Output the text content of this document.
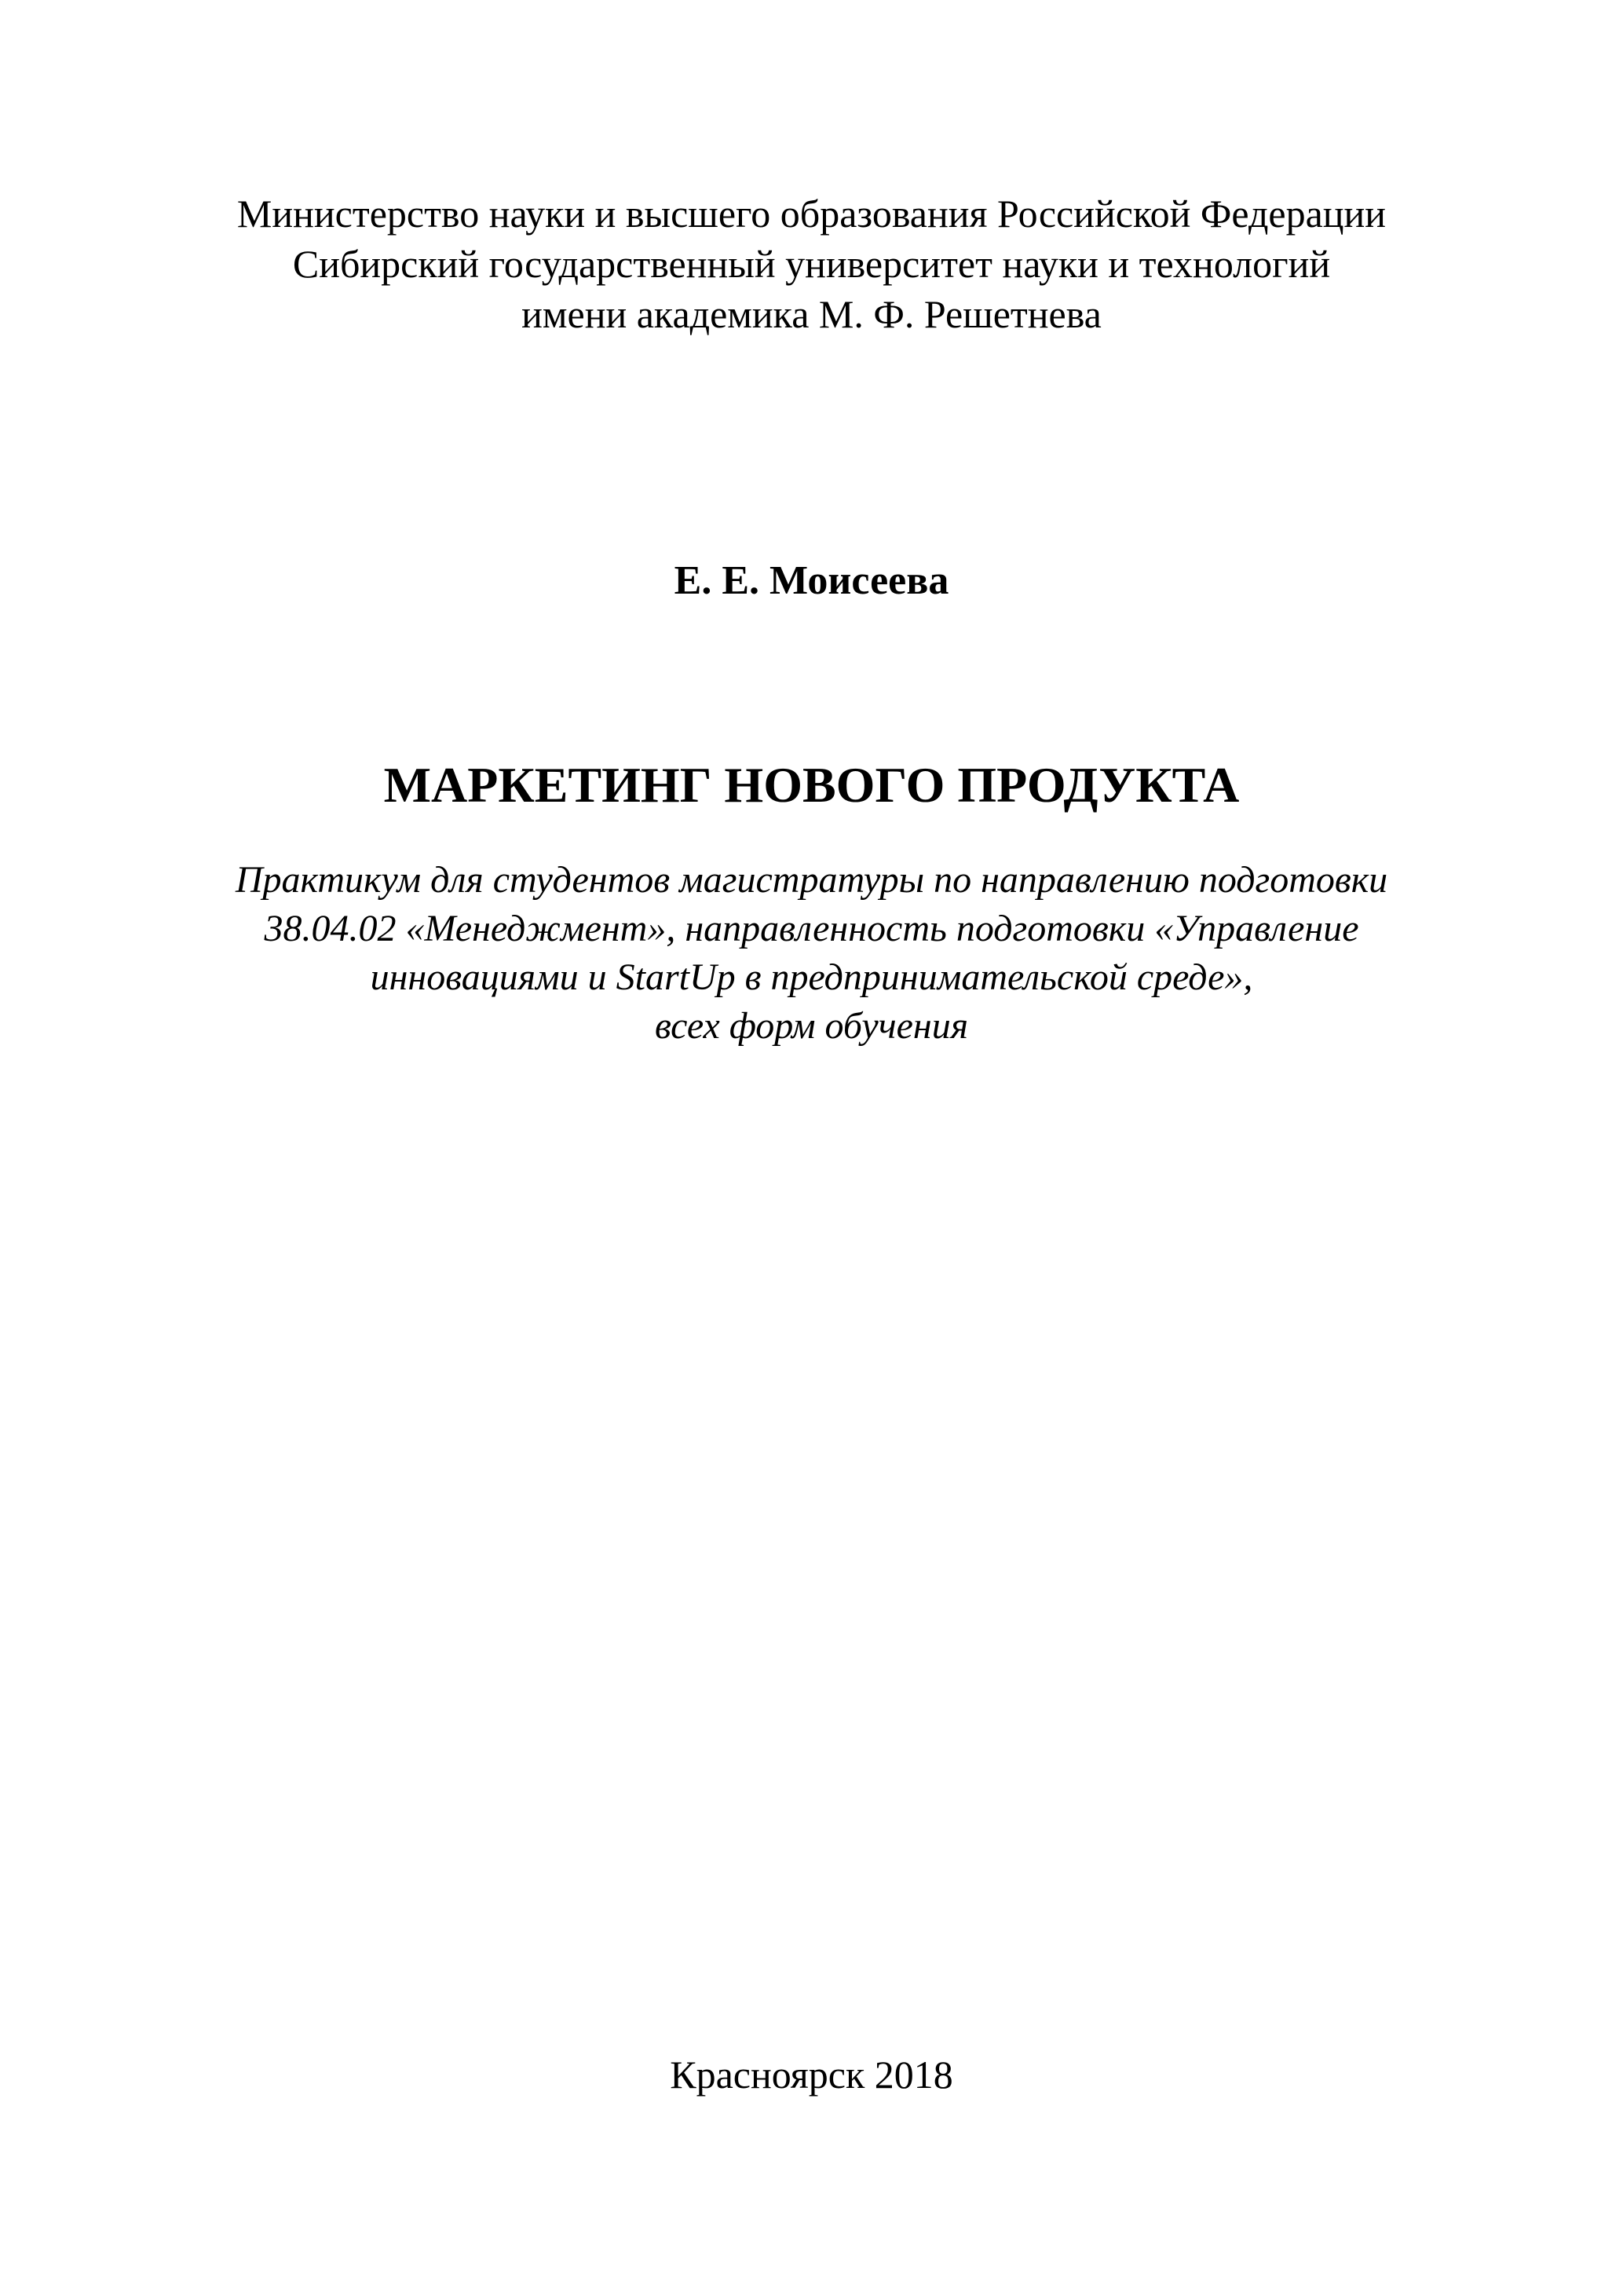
Министерство науки и высшего образования Российской Федерации
Сибирский государственный университет науки и технологий
имени академика М. Ф. Решетнева
Е. Е. Моисеева
МАРКЕТИНГ НОВОГО ПРОДУКТА
Практикум для студентов магистратуры по направлению подготовки
38.04.02 «Менеджмент», направленность подготовки «Управление
инновациями и StartUp в предпринимательской среде»,
всех форм обучения
Красноярск 2018
